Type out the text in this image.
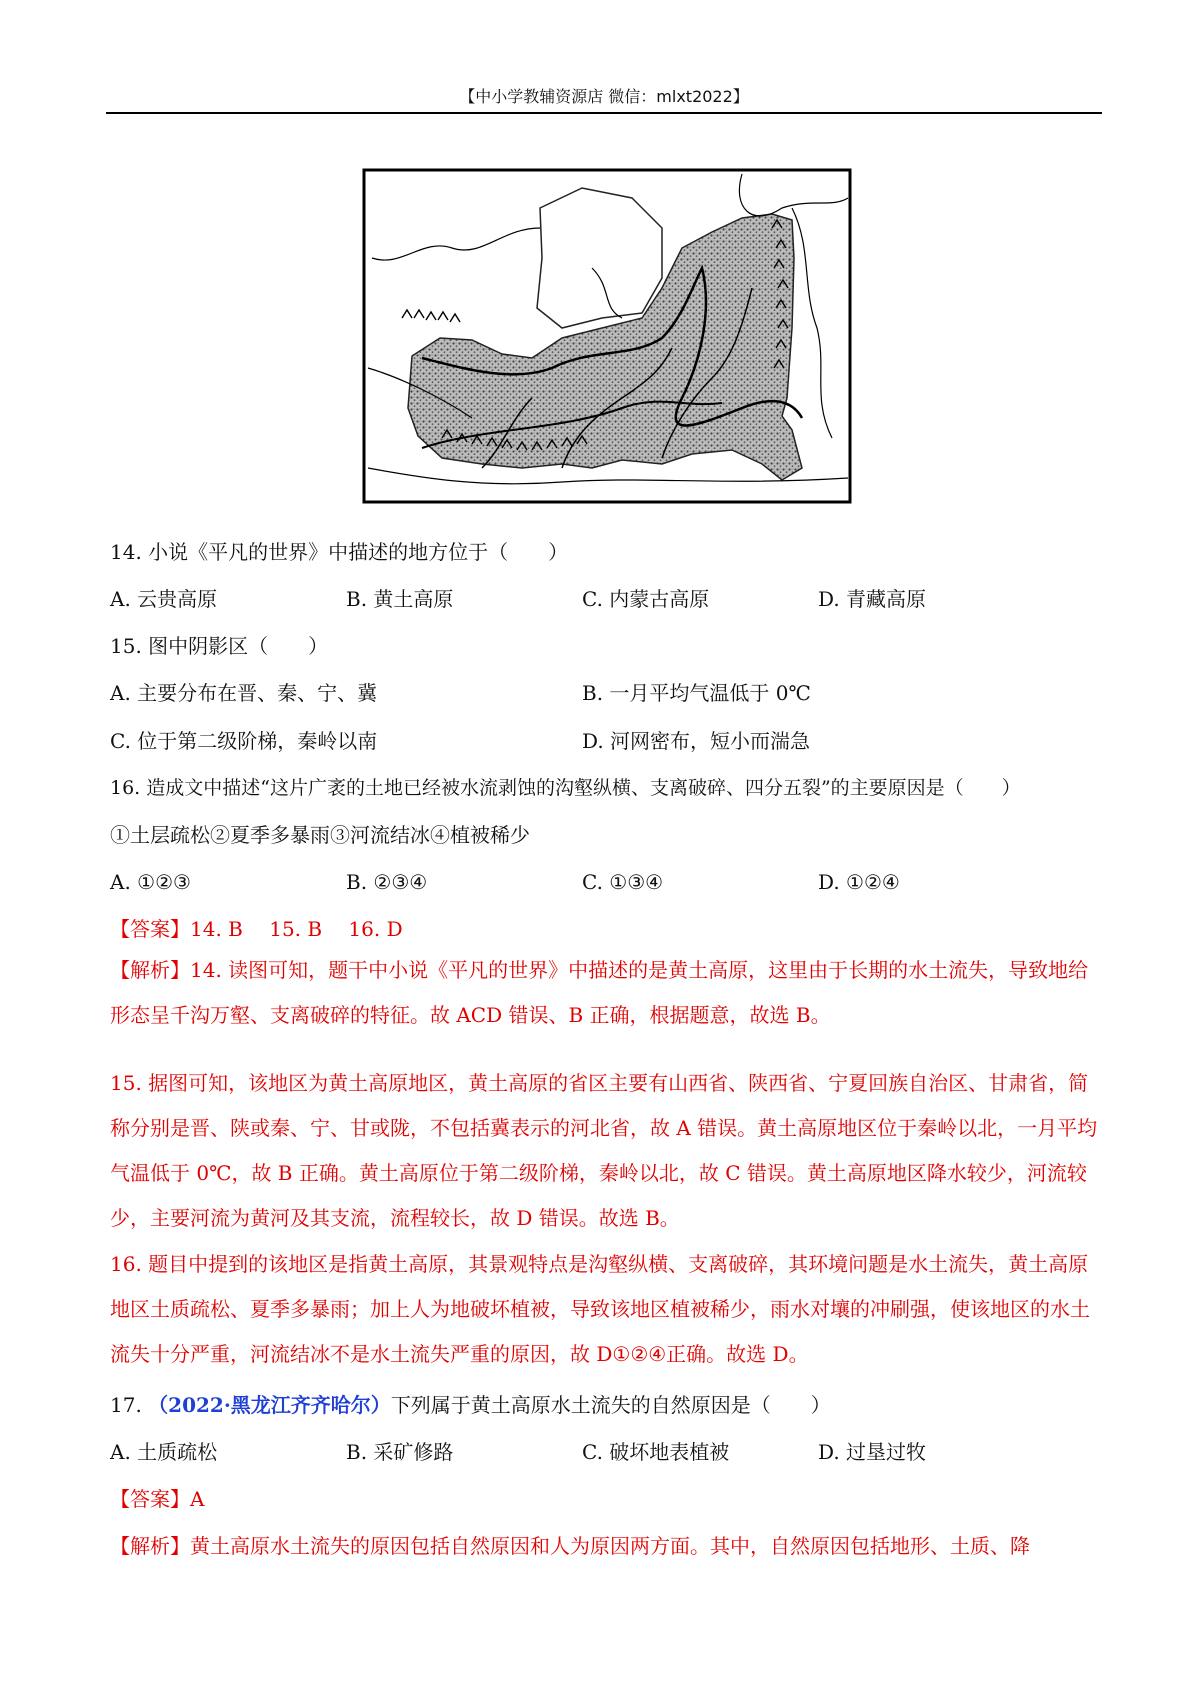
【中小学教辅资源店 微信：mlxt2022】
14. 小说《平凡的世界》中描述的地方位于（　　）
A. 云贵高原	B. 黄土高原	C. 内蒙古高原	D. 青藏高原
15. 图中阴影区（　　）
A. 主要分布在晋、秦、宁、冀	B. 一月平均气温低于 0℃
C. 位于第二级阶梯，秦岭以南	D. 河网密布，短小而湍急
16. 造成文中描述“这片广袤的土地已经被水流剥蚀的沟壑纵横、支离破碎、四分五裂”的主要原因是（　　）
①土层疏松②夏季多暴雨③河流结冰④植被稀少
A. ①②③	B. ②③④	C. ①③④	D. ①②④
【答案】14. B　 15. B　 16. D
【解析】14. 读图可知，题干中小说《平凡的世界》中描述的是黄土高原，这里由于长期的水土流失，导致地给形态呈千沟万壑、支离破碎的特征。故 ACD 错误、B 正确，根据题意，故选 B。
15. 据图可知，该地区为黄土高原地区，黄土高原的省区主要有山西省、陕西省、宁夏回族自治区、甘肃省，简称分别是晋、陕或秦、宁、甘或陇，不包括冀表示的河北省，故 A 错误。黄土高原地区位于秦岭以北，一月平均气温低于 0℃，故 B 正确。黄土高原位于第二级阶梯，秦岭以北，故 C 错误。黄土高原地区降水较少，河流较少，主要河流为黄河及其支流，流程较长，故 D 错误。故选 B。
16. 题目中提到的该地区是指黄土高原，其景观特点是沟壑纵横、支离破碎，其环境问题是水土流失，黄土高原地区土质疏松、夏季多暴雨；加上人为地破坏植被，导致该地区植被稀少，雨水对壤的冲刷强，使该地区的水土流失十分严重，河流结冰不是水土流失严重的原因，故 D①②④正确。故选 D。
17. （2022·黑龙江齐齐哈尔）下列属于黄土高原水土流失的自然原因是（　　）
A. 土质疏松	B. 采矿修路	C. 破坏地表植被	D. 过垦过牧
【答案】A
【解析】黄土高原水土流失的原因包括自然原因和人为原因两方面。其中，自然原因包括地形、土质、降
